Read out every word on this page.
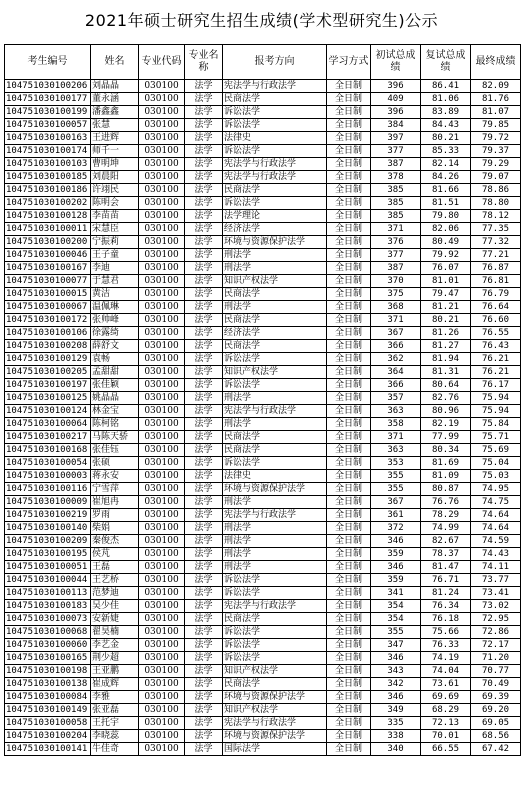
2021年硕士研究生招生成绩(学术型研究生)公示
考生编号	姓名	专业代码	专业名称	报考方向	学习方式	初试总成绩	复试总成绩	最终成绩
104751030100206	刘晶晶	030100	法学	宪法学与行政法学	全日制	396	86.41	82.09
104751030100177	董永涵	030100	法学	民商法学	全日制	409	81.06	81.76
104751030100199	潘鑫鑫	030100	法学	诉讼法学	全日制	396	83.89	81.07
104751030100057	张慧	030100	法学	诉讼法学	全日制	384	84.43	79.85
104751030100163	王进辉	030100	法学	法律史	全日制	397	80.21	79.72
104751030100174	师千一	030100	法学	诉讼法学	全日制	377	85.33	79.37
104751030100103	曹明坤	030100	法学	宪法学与行政法学	全日制	387	82.14	79.29
104751030100185	刘晨阳	030100	法学	宪法学与行政法学	全日制	378	84.26	79.07
104751030100186	许翊民	030100	法学	民商法学	全日制	385	81.66	78.86
104751030100202	陈明会	030100	法学	诉讼法学	全日制	385	81.51	78.80
104751030100128	李苗苗	030100	法学	法学理论	全日制	385	79.80	78.12
104751030100011	宋慧臣	030100	法学	经济法学	全日制	371	82.06	77.35
104751030100200	宁振莉	030100	法学	环境与资源保护法学	全日制	376	80.49	77.32
104751030100046	王子童	030100	法学	刑法学	全日制	377	79.92	77.21
104751030100167	李迪	030100	法学	刑法学	全日制	387	76.07	76.87
104751030100077	于慧君	030100	法学	知识产权法学	全日制	370	81.01	76.81
104751030100015	黄洁	030100	法学	民商法学	全日制	375	79.47	76.79
104751030100067	温佩琳	030100	法学	刑法学	全日制	368	81.21	76.64
104751030100172	张帅峰	030100	法学	民商法学	全日制	371	80.21	76.60
104751030100106	徐露绮	030100	法学	经济法学	全日制	367	81.26	76.55
104751030100208	薛舒文	030100	法学	民商法学	全日制	366	81.27	76.43
104751030100129	袁畅	030100	法学	诉讼法学	全日制	362	81.94	76.21
104751030100205	孟甜甜	030100	法学	知识产权法学	全日制	364	81.31	76.21
104751030100197	张佳颖	030100	法学	诉讼法学	全日制	366	80.64	76.17
104751030100125	姚晶晶	030100	法学	刑法学	全日制	357	82.76	75.94
104751030100124	林金宝	030100	法学	宪法学与行政法学	全日制	363	80.96	75.94
104751030100064	陈柯铭	030100	法学	刑法学	全日制	358	82.19	75.84
104751030100217	马陈天骄	030100	法学	民商法学	全日制	371	77.99	75.71
104751030100168	张佳钰	030100	法学	民商法学	全日制	363	80.34	75.69
104751030100054	张硕	030100	法学	诉讼法学	全日制	353	81.69	75.04
104751030100003	蒋永安	030100	法学	法律史	全日制	355	81.09	75.03
104751030100116	宁雪萍	030100	法学	环境与资源保护法学	全日制	355	80.87	74.95
104751030100009	崔旭冉	030100	法学	刑法学	全日制	367	76.76	74.75
104751030100219	罗雨	030100	法学	宪法学与行政法学	全日制	361	78.29	74.64
104751030100140	柴娟	030100	法学	刑法学	全日制	372	74.99	74.64
104751030100209	秦俊杰	030100	法学	刑法学	全日制	346	82.67	74.59
104751030100195	侯芃	030100	法学	刑法学	全日制	359	78.37	74.43
104751030100051	王磊	030100	法学	刑法学	全日制	346	81.47	74.11
104751030100044	王艺桥	030100	法学	诉讼法学	全日制	359	76.71	73.77
104751030100113	范梦迪	030100	法学	诉讼法学	全日制	341	81.24	73.41
104751030100183	吴少佳	030100	法学	宪法学与行政法学	全日制	354	76.34	73.02
104751030100073	安新婕	030100	法学	民商法学	全日制	354	76.18	72.95
104751030100068	翟昊楠	030100	法学	诉讼法学	全日制	355	75.66	72.86
104751030100060	李艺金	030100	法学	诉讼法学	全日制	347	76.33	72.17
104751030100165	荆少超	030100	法学	诉讼法学	全日制	346	74.19	71.20
104751030100198	王亚鹏	030100	法学	知识产权法学	全日制	343	74.04	70.77
104751030100138	崔成辉	030100	法学	民商法学	全日制	342	73.61	70.49
104751030100084	李雅	030100	法学	环境与资源保护法学	全日制	346	69.69	69.39
104751030100149	张亚磊	030100	法学	知识产权法学	全日制	349	68.29	69.20
104751030100058	王托宇	030100	法学	宪法学与行政法学	全日制	335	72.13	69.05
104751030100204	李晓蕊	030100	法学	环境与资源保护法学	全日制	338	70.01	68.56
104751030100141	牛佳奇	030100	法学	国际法学	全日制	340	66.55	67.42
